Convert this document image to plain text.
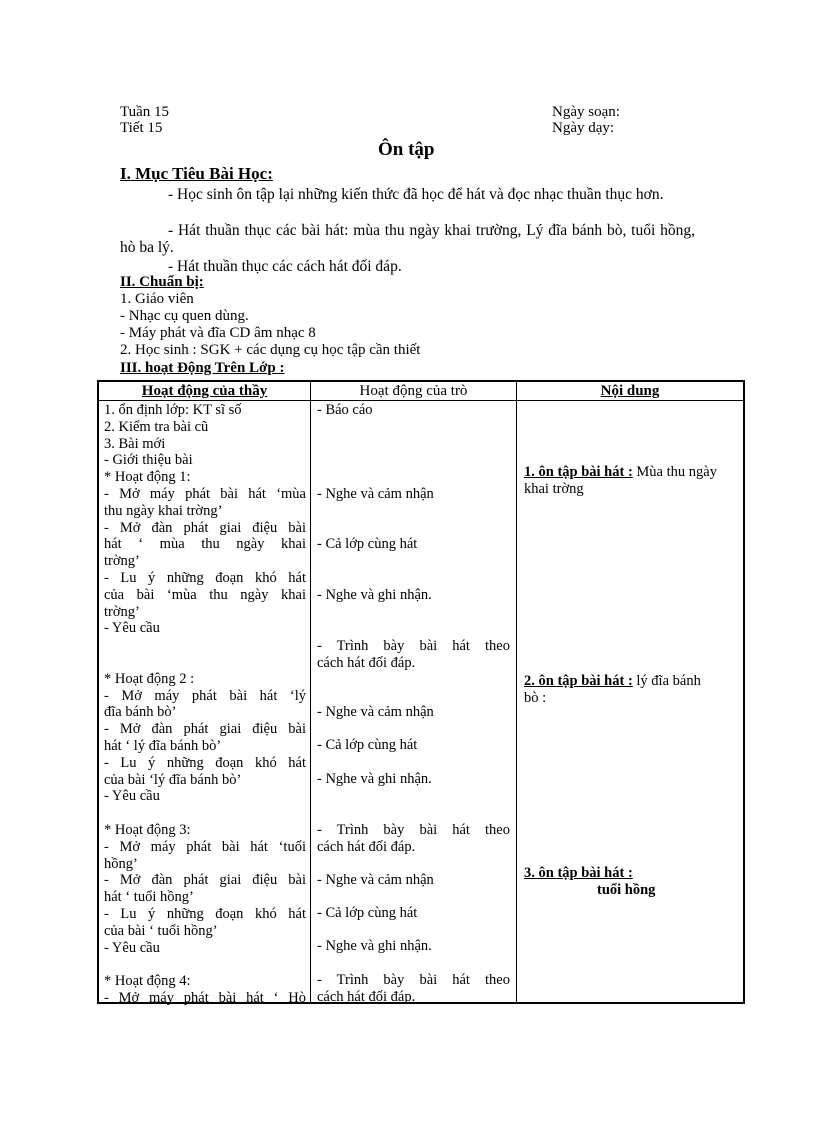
Tuần 15
Tiết 15
Ngày soạn:
Ngày dạy:
Ôn tập
I. Mục Tiêu Bài Học:
- Học sinh ôn tập lại những kiến thức đã học để hát và đọc nhạc thuần thục hơn.
- Hát thuần thục các bài hát: mùa thu ngày khai trường, Lý đĩa bánh bò, tuổi hồng, hò ba lý.
- Hát thuần thục các cách hát đối đáp.
II. Chuẩn bị:
1. Giáo viên
- Nhạc cụ quen dùng.
- Máy phát và đĩa CD âm nhạc 8
2. Học sinh : SGK + các dụng cụ học tập cần thiết
III. hoạt Động Trên Lớp :
Hoạt động của thầy	Hoạt động của trò	Nội dung
1. ổn định lớp: KT sĩ số
2. Kiểm tra bài cũ
3. Bài mới
- Giới thiệu bài
* Hoạt động 1:
- Mở máy phát bài hát ‘mùa
thu ngày khai trờng’
- Mở đàn phát giai điệu bài
hát ‘ mùa thu ngày khai
trờng’
- Lu ý những đoạn khó hát
của bài ‘mùa thu ngày khai
trờng’
- Yêu cầu
* Hoạt động 2 :
- Mở máy phát bài hát ‘lý
đĩa bánh bò’
- Mở đàn phát giai điệu bài
hát ‘ lý đĩa bánh bò’
- Lu ý những đoạn khó hát
của bài ‘lý đĩa bánh bò’
- Yêu cầu
* Hoạt động 3:
- Mở máy phát bài hát ‘tuổi
hồng’
- Mở đàn phát giai điệu bài
hát ‘ tuổi hồng’
- Lu ý những đoạn khó hát
của bài ‘ tuổi hồng’
- Yêu cầu
* Hoạt động 4:
- Mở máy phát bài hát ‘ Hò
- Báo cáo
- Nghe và cảm nhận
- Cả lớp cùng hát
- Nghe và ghi nhận.
- Trình bày bài hát theo
cách hát đối đáp.
- Nghe và cảm nhận
- Cả lớp cùng hát
- Nghe và ghi nhận.
- Trình bày bài hát theo
cách hát đối đáp.
- Nghe và cảm nhận
- Cả lớp cùng hát
- Nghe và ghi nhận.
- Trình bày bài hát theo
cách hát đối đáp.
1. ôn tập bài hát : Mùa thu ngày
khai trờng
2. ôn tập bài hát : lý đĩa bánh
bò :
3. ôn tập bài hát :
tuổi hồng
